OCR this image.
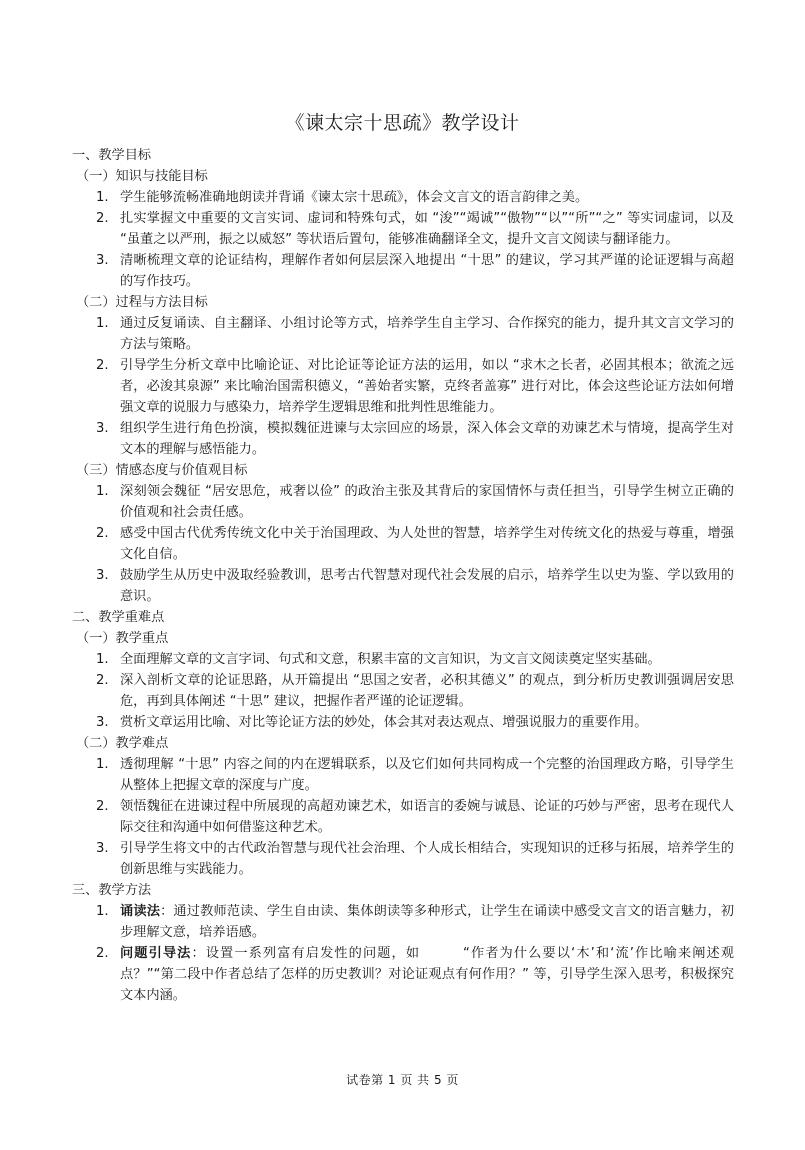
《谏太宗十思疏》教学设计
一、教学目标
（一）知识与技能目标
1. 学生能够流畅准确地朗读并背诵《谏太宗十思疏》，体会文言文的语言韵律之美。
2. 扎实掌握文中重要的文言实词、虚词和特殊句式，如 “浚”“竭诚”“傲物”“以”“所”“之” 等实词虚词，以及 “虽董之以严刑，振之以威怒” 等状语后置句，能够准确翻译全文，提升文言文阅读与翻译能力。
3. 清晰梳理文章的论证结构，理解作者如何层层深入地提出 “十思” 的建议，学习其严谨的论证逻辑与高超的写作技巧。
（二）过程与方法目标
1. 通过反复诵读、自主翻译、小组讨论等方式，培养学生自主学习、合作探究的能力，提升其文言文学习的方法与策略。
2. 引导学生分析文章中比喻论证、对比论证等论证方法的运用，如以 “求木之长者，必固其根本；欲流之远者，必浚其泉源” 来比喻治国需积德义，“善始者实繁，克终者盖寡” 进行对比，体会这些论证方法如何增强文章的说服力与感染力，培养学生逻辑思维和批判性思维能力。
3. 组织学生进行角色扮演，模拟魏征进谏与太宗回应的场景，深入体会文章的劝谏艺术与情境，提高学生对文本的理解与感悟能力。
（三）情感态度与价值观目标
1. 深刻领会魏征 “居安思危，戒奢以俭” 的政治主张及其背后的家国情怀与责任担当，引导学生树立正确的价值观和社会责任感。
2. 感受中国古代优秀传统文化中关于治国理政、为人处世的智慧，培养学生对传统文化的热爱与尊重，增强文化自信。
3. 鼓励学生从历史中汲取经验教训，思考古代智慧对现代社会发展的启示，培养学生以史为鉴、学以致用的意识。
二、教学重难点
（一）教学重点
1. 全面理解文章的文言字词、句式和文意，积累丰富的文言知识，为文言文阅读奠定坚实基础。
2. 深入剖析文章的论证思路，从开篇提出 “思国之安者，必积其德义” 的观点，到分析历史教训强调居安思危，再到具体阐述 “十思” 建议，把握作者严谨的论证逻辑。
3. 赏析文章运用比喻、对比等论证方法的妙处，体会其对表达观点、增强说服力的重要作用。
（二）教学难点
1. 透彻理解 “十思” 内容之间的内在逻辑联系，以及它们如何共同构成一个完整的治国理政方略，引导学生从整体上把握文章的深度与广度。
2. 领悟魏征在进谏过程中所展现的高超劝谏艺术，如语言的委婉与诚恳、论证的巧妙与严密，思考在现代人际交往和沟通中如何借鉴这种艺术。
3. 引导学生将文中的古代政治智慧与现代社会治理、个人成长相结合，实现知识的迁移与拓展，培养学生的创新思维与实践能力。
三、教学方法
1. 诵读法：通过教师范读、学生自由读、集体朗读等多种形式，让学生在诵读中感受文言文的语言魅力，初步理解文意，培养语感。
2. 问题引导法：设置一系列富有启发性的问题，如　　　“作者为什么要以‘木’和‘流’作比喻来阐述观点？”“第二段中作者总结了怎样的历史教训？对论证观点有何作用？” 等，引导学生深入思考，积极探究文本内涵。
试卷第 1 页 共 5 页
